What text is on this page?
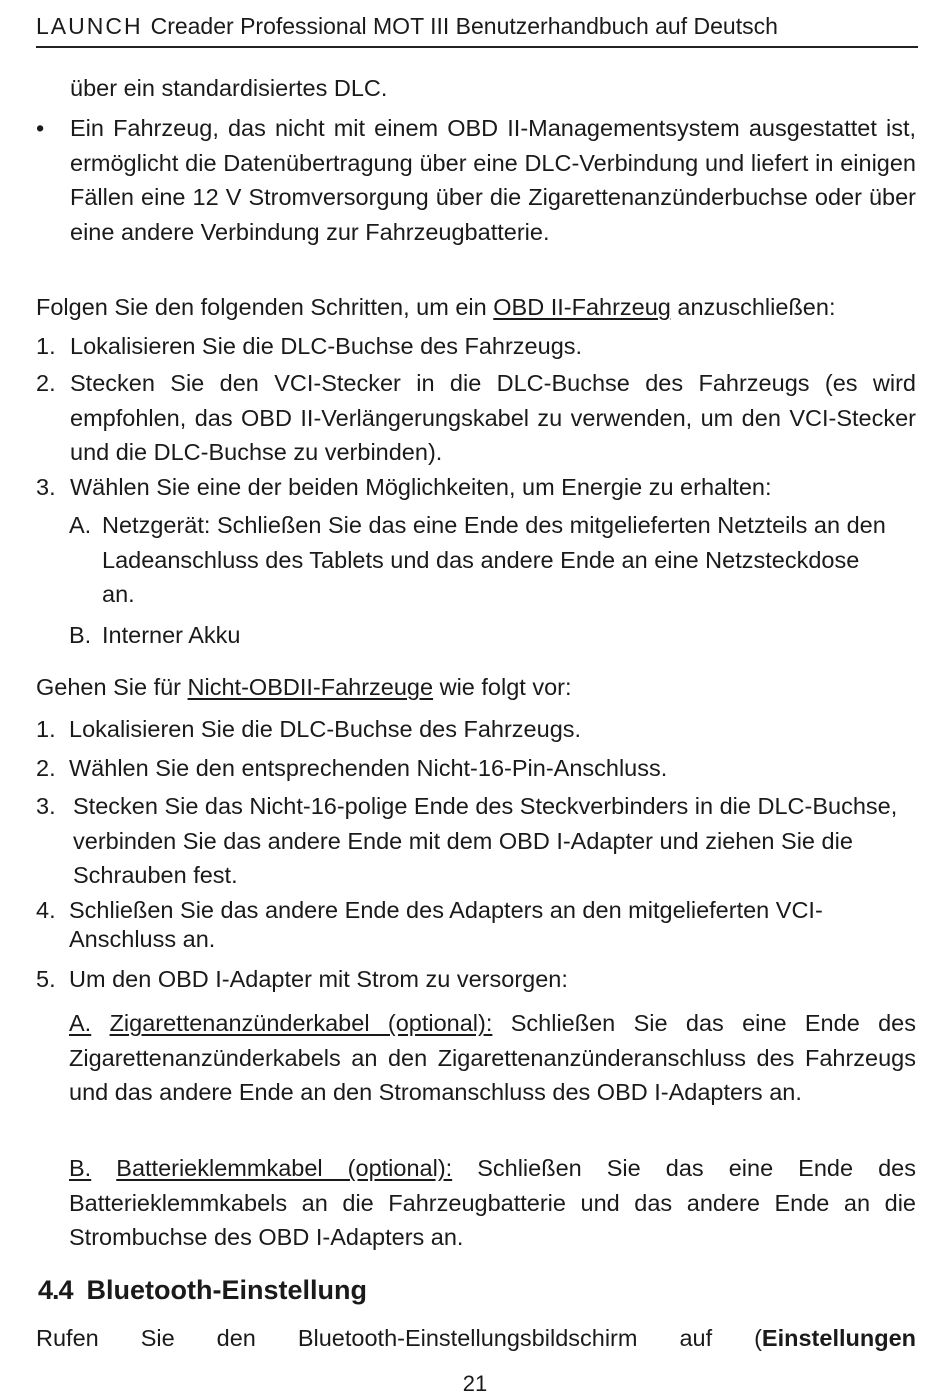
LAUNCH Creader Professional MOT III Benutzerhandbuch auf Deutsch
über ein standardisiertes DLC.
• Ein Fahrzeug, das nicht mit einem OBD II-Managementsystem ausgestattet ist, ermöglicht die Datenübertragung über eine DLC-Verbindung und liefert in einigen Fällen eine 12 V Stromversorgung über die Zigarettenanzünderbuchse oder über eine andere Verbindung zur Fahrzeugbatterie.
Folgen Sie den folgenden Schritten, um ein OBD II-Fahrzeug anzuschließen:
1. Lokalisieren Sie die DLC-Buchse des Fahrzeugs.
2. Stecken Sie den VCI-Stecker in die DLC-Buchse des Fahrzeugs (es wird empfohlen, das OBD II-Verlängerungskabel zu verwenden, um den VCI-Stecker und die DLC-Buchse zu verbinden).
3. Wählen Sie eine der beiden Möglichkeiten, um Energie zu erhalten:
A. Netzgerät: Schließen Sie das eine Ende des mitgelieferten Netzteils an den Ladeanschluss des Tablets und das andere Ende an eine Netzsteckdose an.
B. Interner Akku
Gehen Sie für Nicht-OBDII-Fahrzeuge wie folgt vor:
1. Lokalisieren Sie die DLC-Buchse des Fahrzeugs.
2. Wählen Sie den entsprechenden Nicht-16-Pin-Anschluss.
3. Stecken Sie das Nicht-16-polige Ende des Steckverbinders in die DLC-Buchse, verbinden Sie das andere Ende mit dem OBD I-Adapter und ziehen Sie die Schrauben fest.
4. Schließen Sie das andere Ende des Adapters an den mitgelieferten VCI-Anschluss an.
5. Um den OBD I-Adapter mit Strom zu versorgen:
A. Zigarettenanzünderkabel (optional): Schließen Sie das eine Ende des Zigarettenanzünderkabels an den Zigarettenanzünderanschluss des Fahrzeugs und das andere Ende an den Stromanschluss des OBD I-Adapters an.
B. Batterieklemmkabel (optional): Schließen Sie das eine Ende des Batterieklemmkabels an die Fahrzeugbatterie und das andere Ende an die Strombuchse des OBD I-Adapters an.
4.4 Bluetooth-Einstellung
Rufen Sie den Bluetooth-Einstellungsbildschirm auf (Einstellungen
21
